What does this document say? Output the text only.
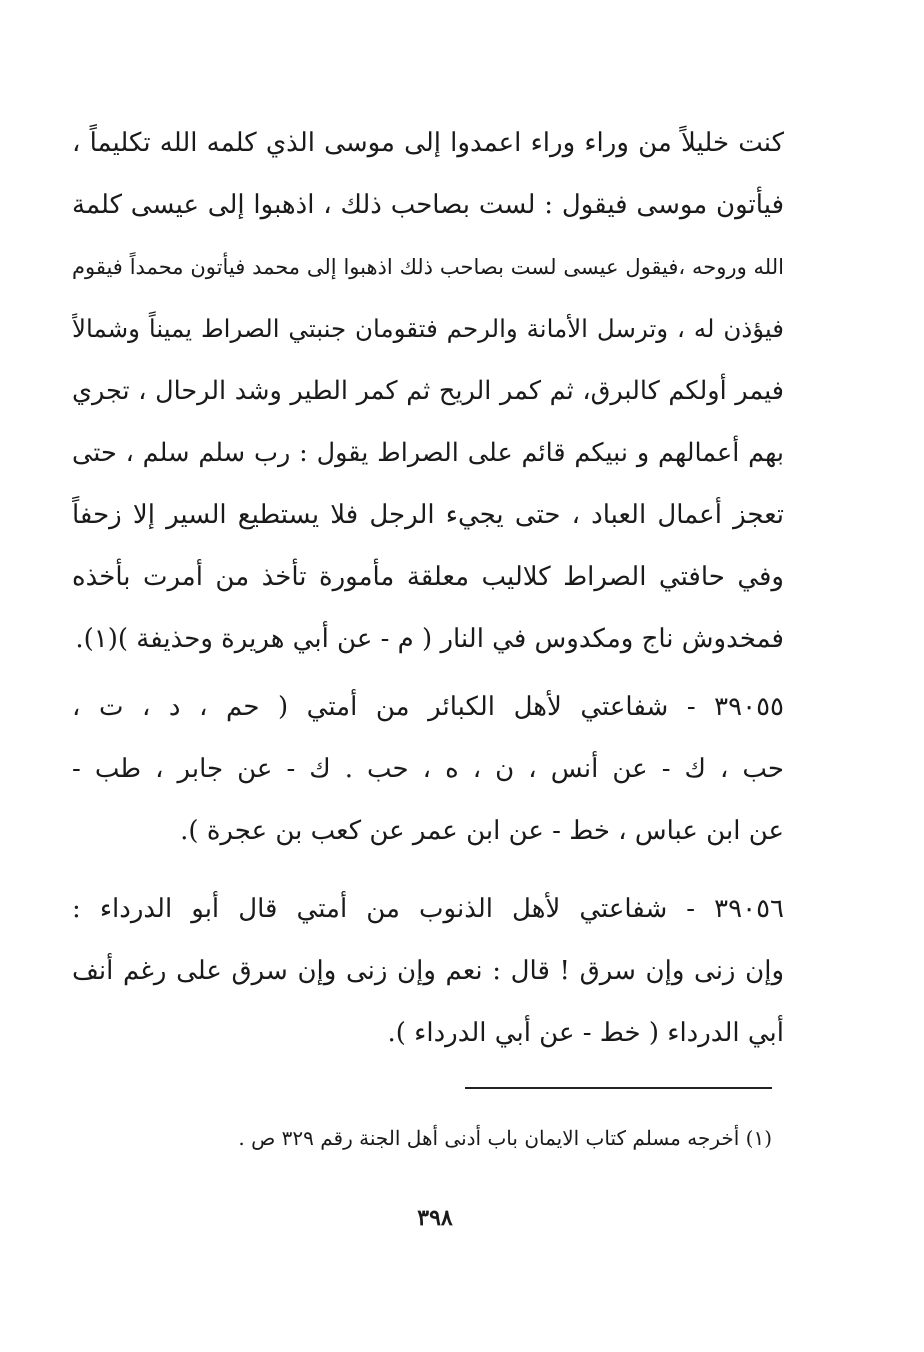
كنت خليلاً من وراء وراء اعمدوا إلى موسى الذي كلمه الله تكليماً ،
فيأتون موسى فيقول : لست بصاحب ذلك ، اذهبوا إلى عيسى كلمة
الله وروحه ،فيقول عيسى لست بصاحب ذلك اذهبوا إلى محمد فيأتون محمداً فيقوم
فيؤذن له ، وترسل الأمانة والرحم فتقومان جنبتي الصراط يميناً وشمالاً
فيمر أولكم كالبرق، ثم كمر الريح ثم كمر الطير وشد الرحال ، تجري
بهم أعمالهم و نبيكم قائم على الصراط يقول : رب سلم سلم ، حتى
تعجز أعمال العباد ، حتى يجيء الرجل فلا يستطيع السير إلا زحفاً
وفي حافتي الصراط كلاليب معلقة مأمورة تأخذ من أمرت بأخذه
فمخدوش ناج ومكدوس في النار ( م - عن أبي هريرة وحذيفة )(١).
٣٩٠٥٥ - شفاعتي لأهل الكبائر من أمتي ( حم ، د ، ت ،
حب ، ك - عن أنس ، ن ، ه ، حب . ك - عن جابر ، طب -
عن ابن عباس ، خط - عن ابن عمر عن كعب بن عجرة ).
٣٩٠٥٦ - شفاعتي لأهل الذنوب من أمتي قال أبو الدرداء :
وإن زنى وإن سرق ! قال : نعم وإن زنى وإن سرق على رغم أنف
أبي الدرداء ( خط - عن أبي الدرداء ).
(١) أخرجه مسلم كتاب الايمان باب أدنى أهل الجنة رقم ٣٢٩ ص .
٣٩٨
